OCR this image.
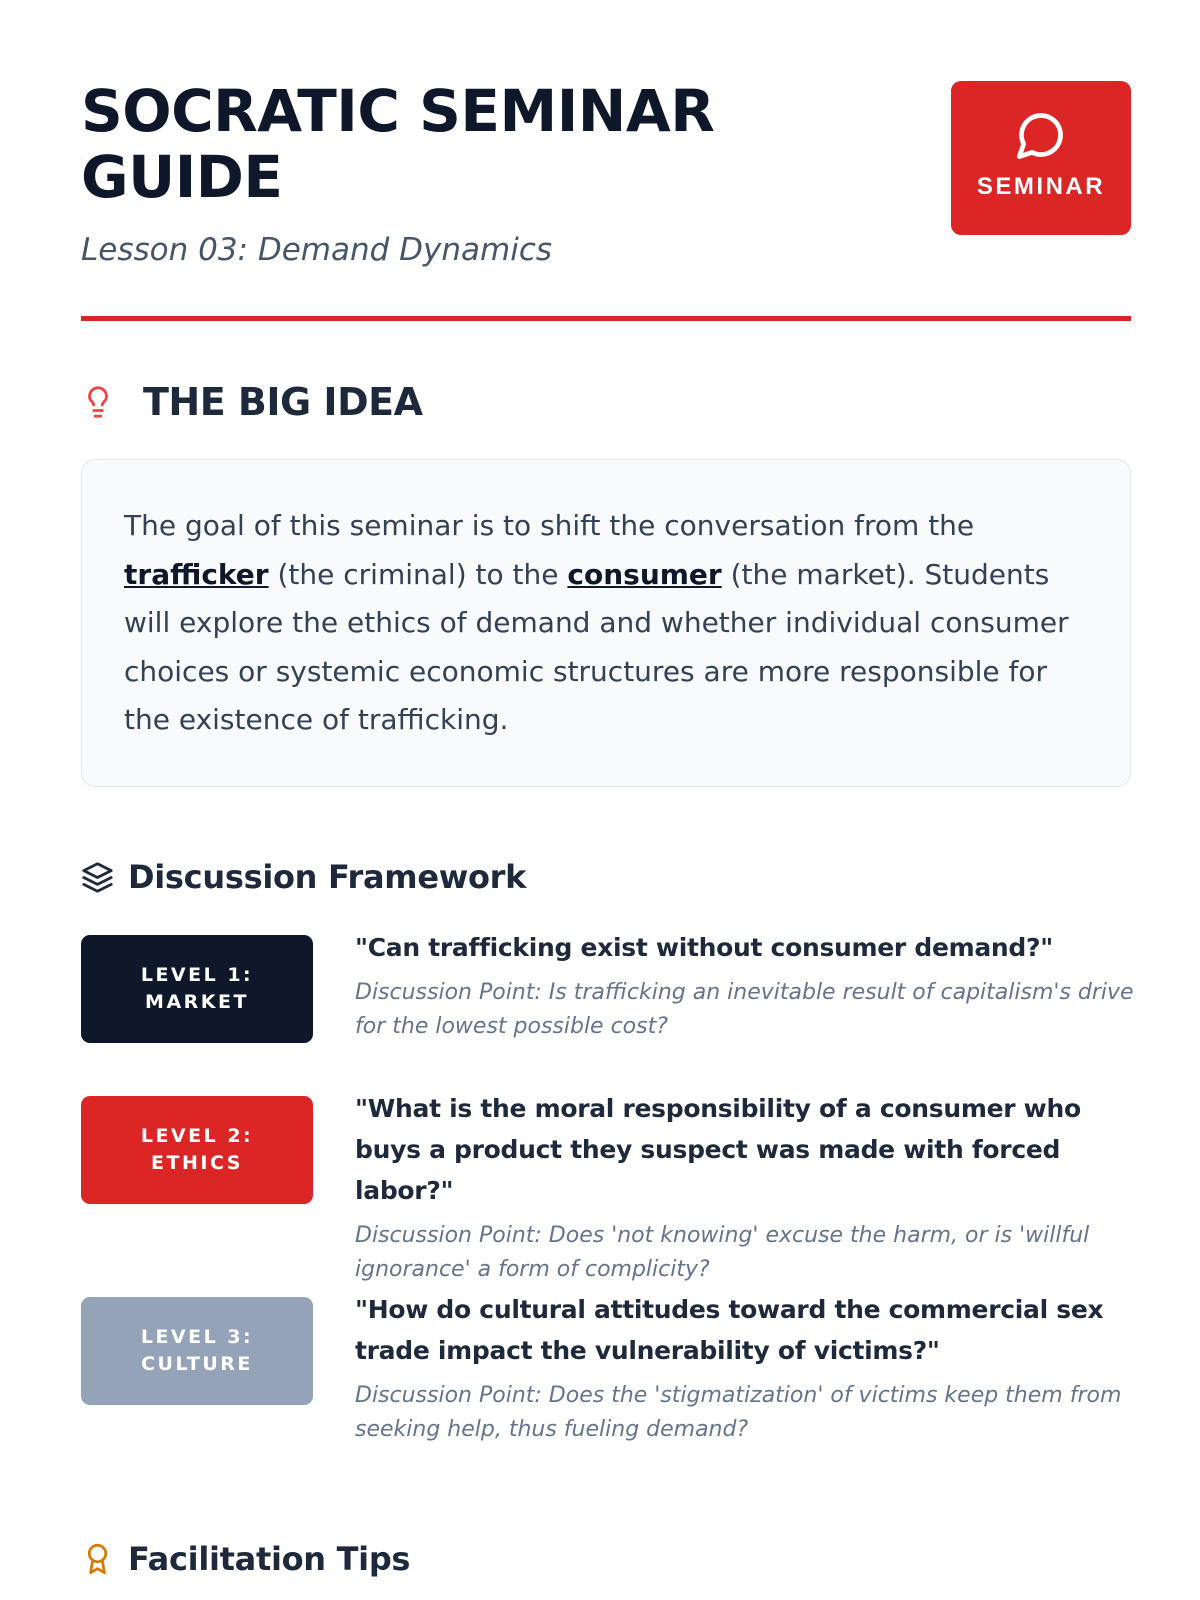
SOCRATIC SEMINAR GUIDE
Lesson 03: Demand Dynamics
SEMINAR
THE BIG IDEA
The goal of this seminar is to shift the conversation from the trafficker (the criminal) to the consumer (the market). Students will explore the ethics of demand and whether individual consumer choices or systemic economic structures are more responsible for the existence of trafficking.
Discussion Framework
LEVEL 1: MARKET
"Can trafficking exist without consumer demand?"
Discussion Point: Is trafficking an inevitable result of capitalism's drive for the lowest possible cost?
LEVEL 2: ETHICS
"What is the moral responsibility of a consumer who buys a product they suspect was made with forced labor?"
Discussion Point: Does 'not knowing' excuse the harm, or is 'willful ignorance' a form of complicity?
LEVEL 3: CULTURE
"How do cultural attitudes toward the commercial sex trade impact the vulnerability of victims?"
Discussion Point: Does the 'stigmatization' of victims keep them from seeking help, thus fueling demand?
Facilitation Tips
